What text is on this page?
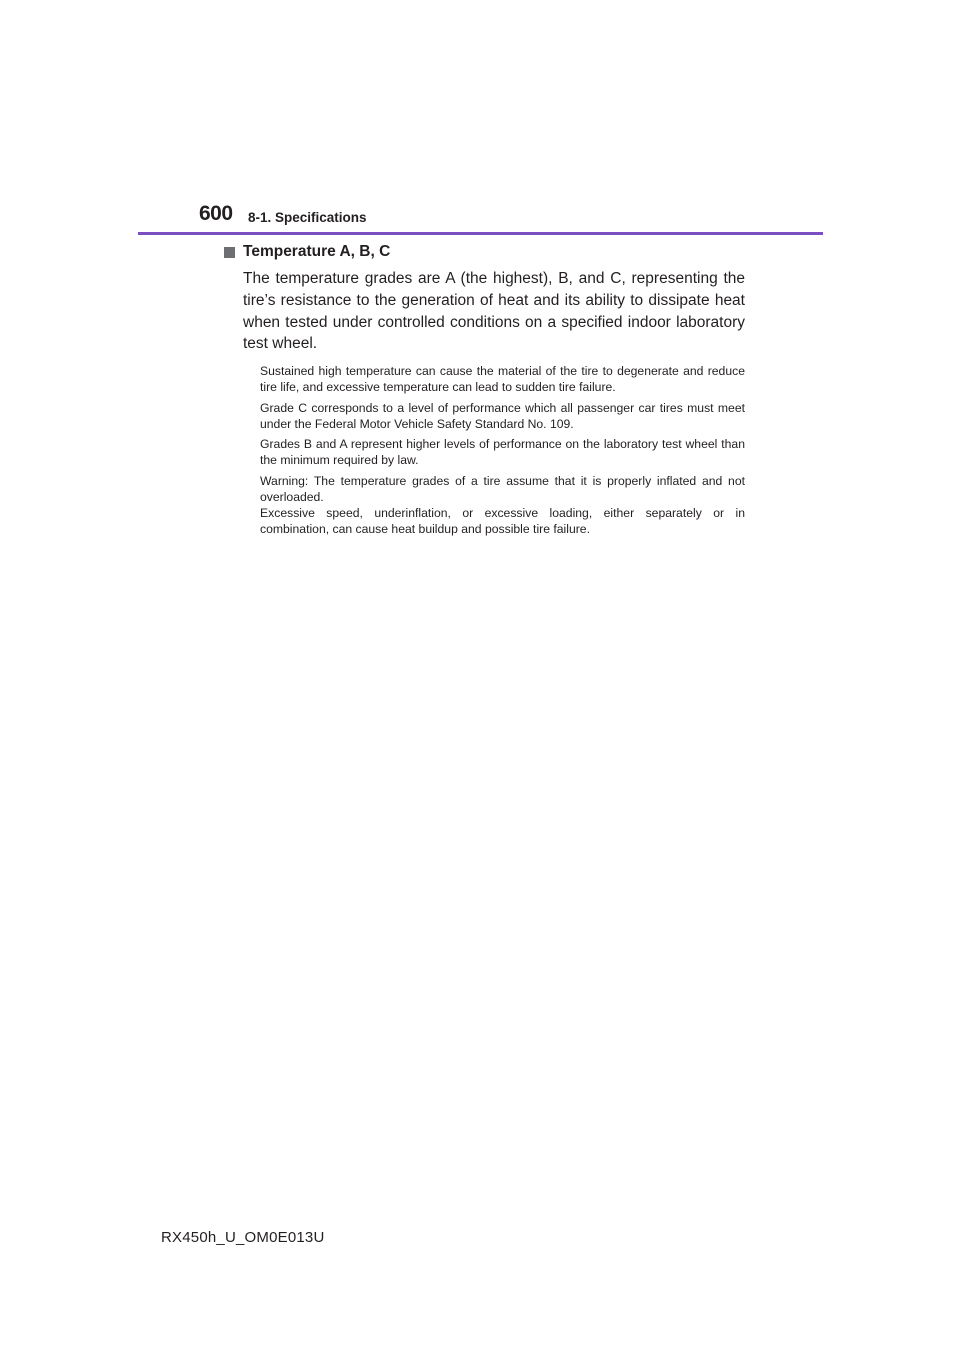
600 8-1. Specifications
Temperature A, B, C

The temperature grades are A (the highest), B, and C, representing the tire’s resistance to the generation of heat and its ability to dissipate heat when tested under controlled conditions on a specified indoor laboratory test wheel.

Sustained high temperature can cause the material of the tire to degenerate and reduce tire life, and excessive temperature can lead to sudden tire failure.

Grade C corresponds to a level of performance which all passenger car tires must meet under the Federal Motor Vehicle Safety Standard No. 109.

Grades B and A represent higher levels of performance on the laboratory test wheel than the minimum required by law.

Warning: The temperature grades of a tire assume that it is properly inflated and not overloaded.

Excessive speed, underinflation, or excessive loading, either separately or in combination, can cause heat buildup and possible tire failure.

RX450h_U_OM0E013U
